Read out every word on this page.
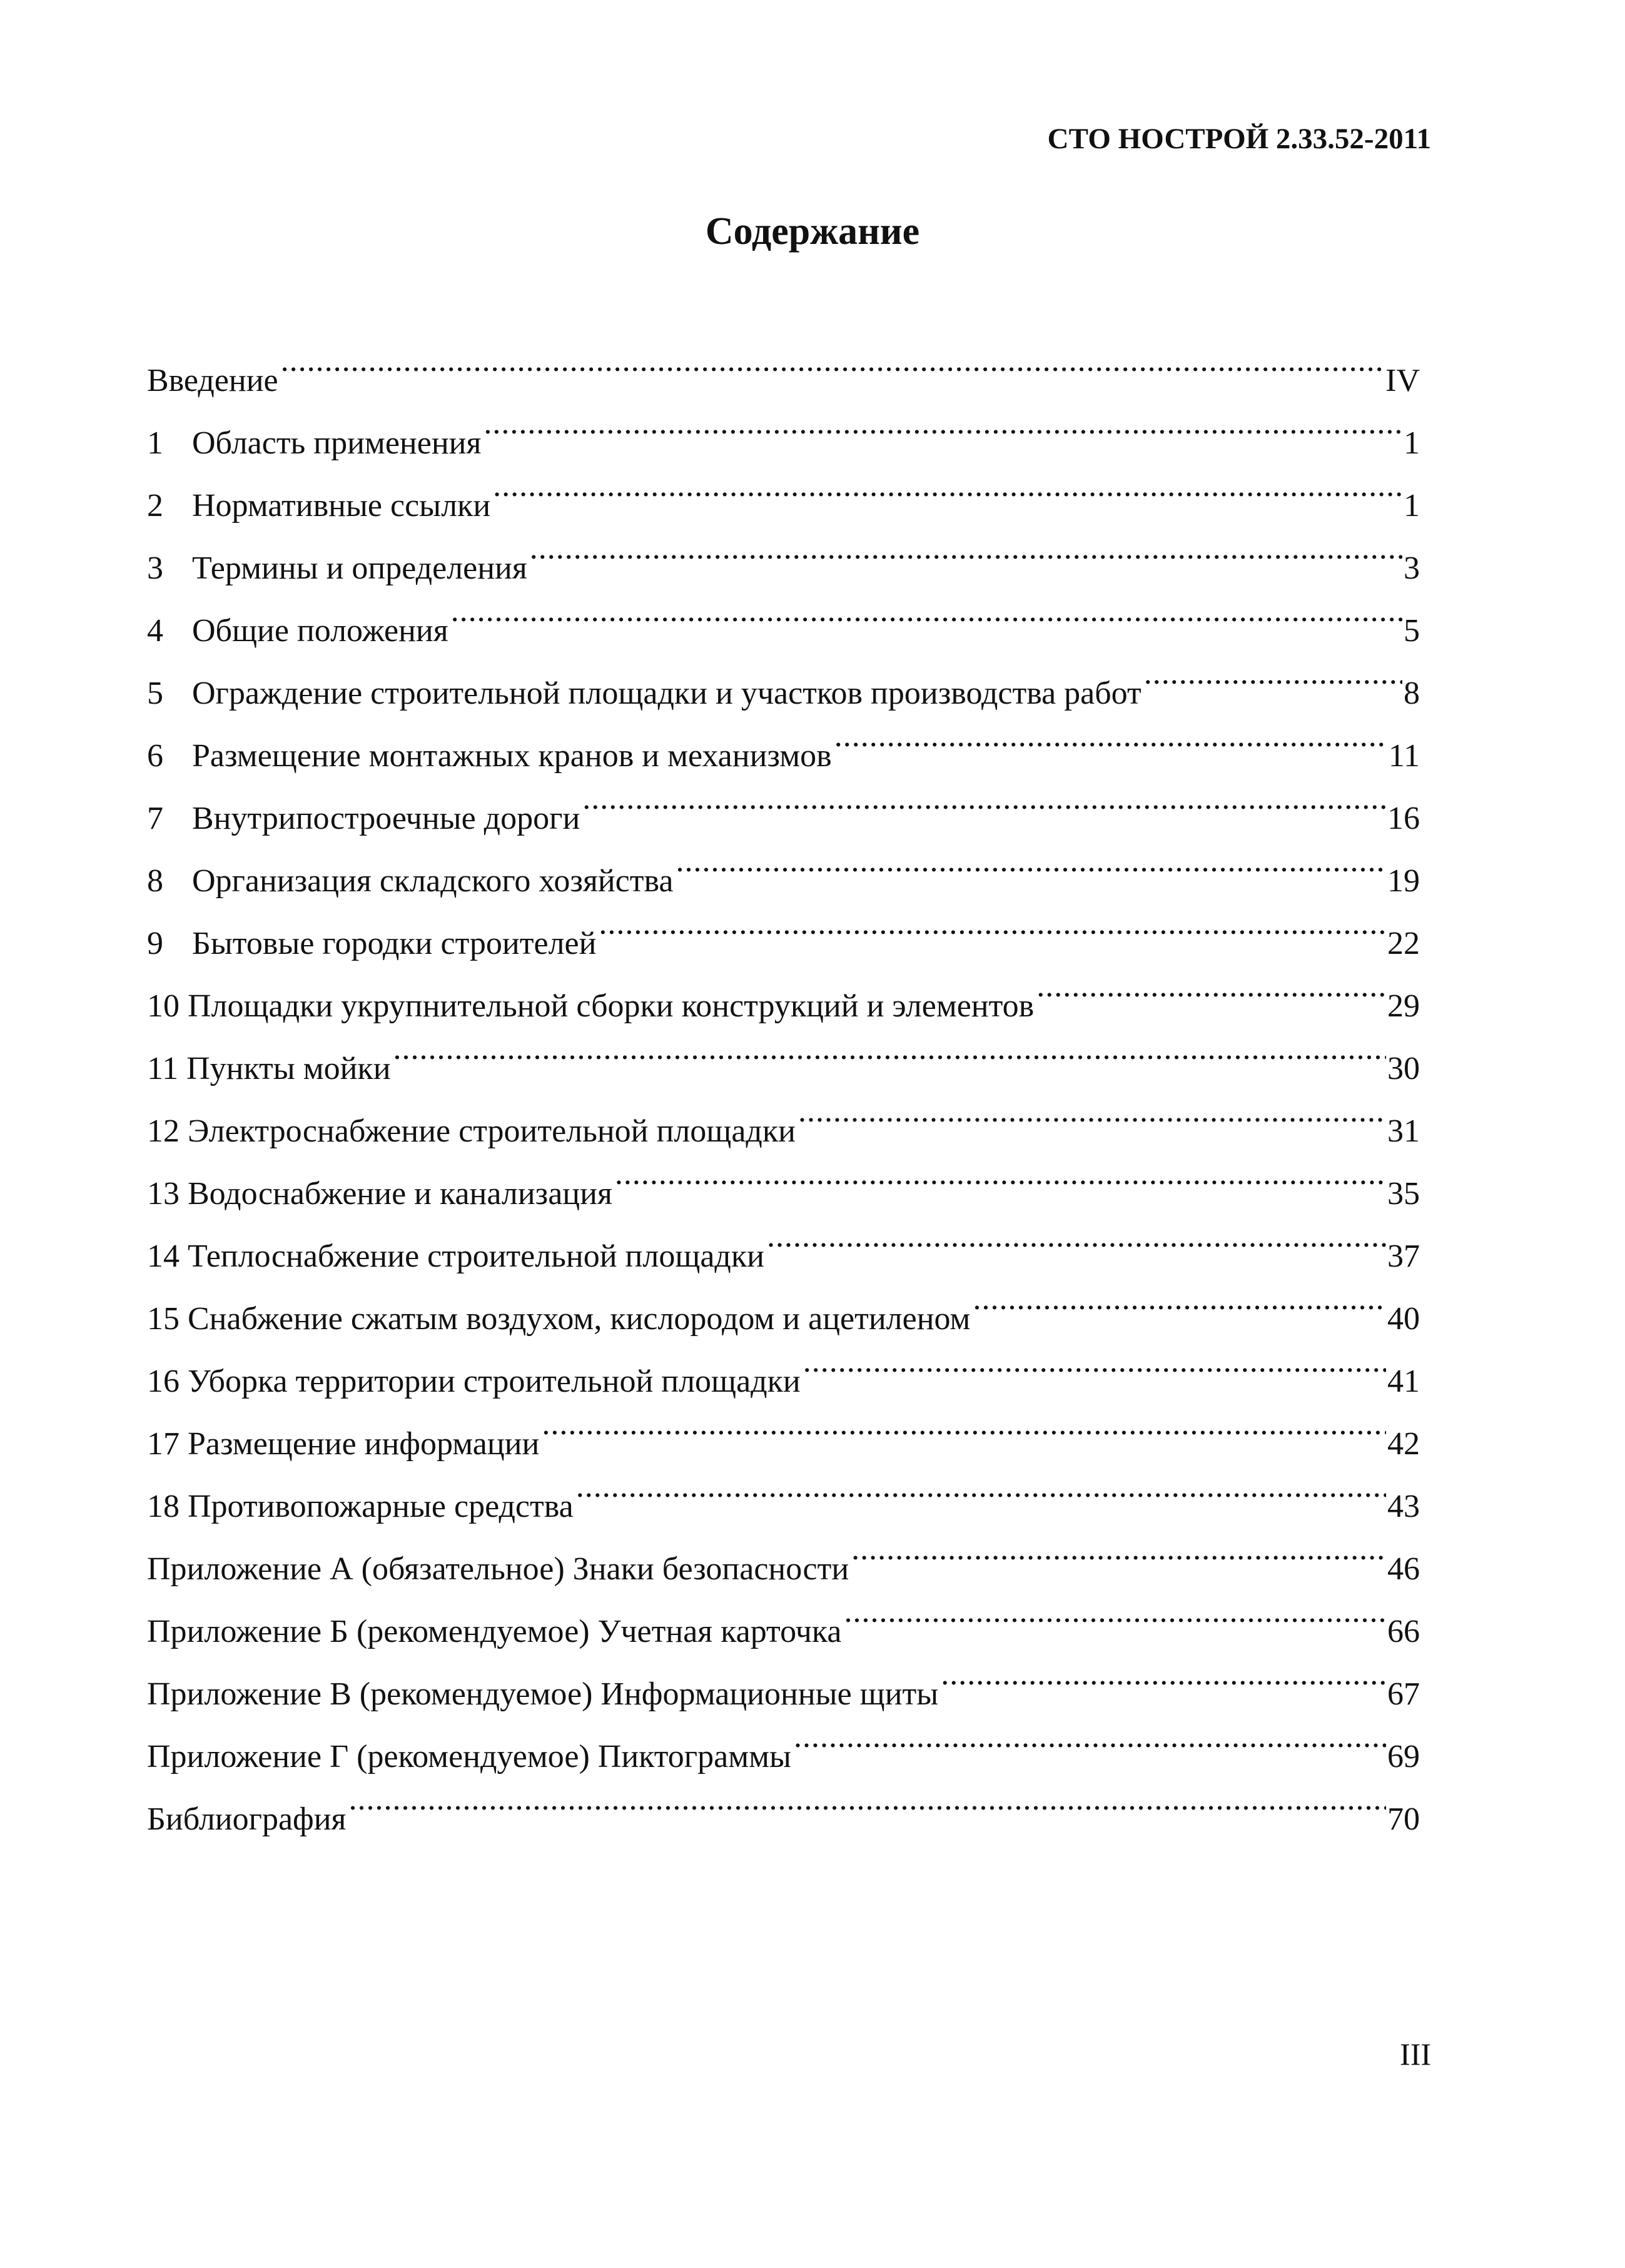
СТО НОСТРОЙ 2.33.52-2011
Содержание
Введение .....	IV
1 Область применения .....	1
2 Нормативные ссылки .....	1
3 Термины и определения .....	3
4 Общие положения .....	5
5 Ограждение строительной площадки и участков производства работ .....	8
6 Размещение монтажных кранов и механизмов .....	11
7 Внутрипостроечные дороги .....	16
8 Организация складского хозяйства .....	19
9 Бытовые городки строителей .....	22
10 Площадки укрупнительной сборки конструкций и элементов .....	29
11 Пункты мойки .....	30
12 Электроснабжение строительной площадки .....	31
13 Водоснабжение и канализация .....	35
14 Теплоснабжение строительной площадки .....	37
15 Снабжение сжатым воздухом, кислородом и ацетиленом .....	40
16 Уборка территории строительной площадки .....	41
17 Размещение информации .....	42
18 Противопожарные средства .....	43
Приложение А (обязательное) Знаки безопасности .....	46
Приложение Б (рекомендуемое) Учетная карточка .....	66
Приложение В (рекомендуемое) Информационные щиты .....	67
Приложение Г (рекомендуемое) Пиктограммы .....	69
Библиография .....	70
III
